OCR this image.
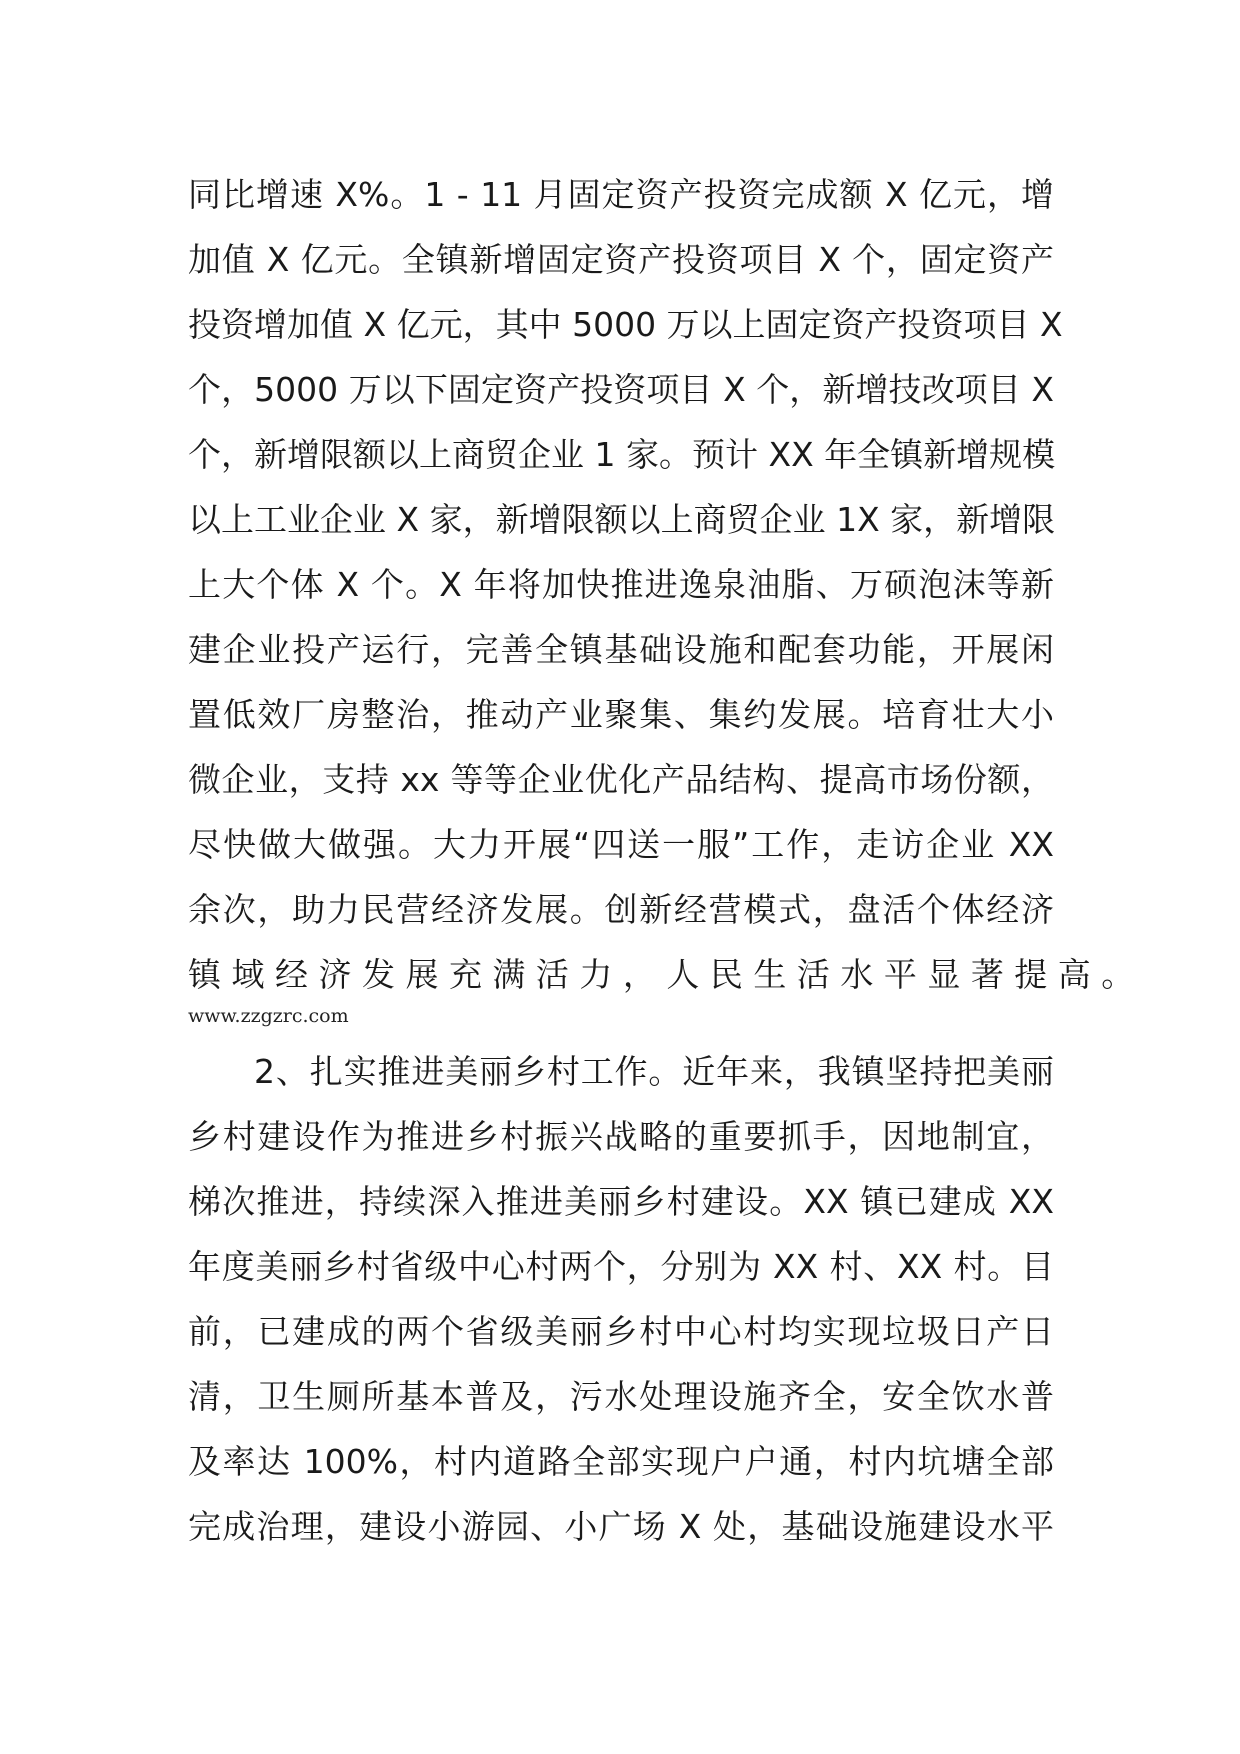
同比增速 X%。1 - 11 月固定资产投资完成额 X 亿元，增
加值 X 亿元。全镇新增固定资产投资项目 X 个，固定资产
投资增加值 X 亿元，其中 5000 万以上固定资产投资项目 X
个，5000 万以下固定资产投资项目 X 个，新增技改项目 X
个，新增限额以上商贸企业 1 家。预计 XX 年全镇新增规模
以上工业企业 X 家，新增限额以上商贸企业 1X 家，新增限
上大个体 X 个。X 年将加快推进逸泉油脂、万硕泡沫等新
建企业投产运行，完善全镇基础设施和配套功能，开展闲
置低效厂房整治，推动产业聚集、集约发展。培育壮大小
微企业，支持 xx 等等企业优化产品结构、提高市场份额，
尽快做大做强。大力开展“四送一服”工作，走访企业 XX
余次，助力民营经济发展。创新经营模式，盘活个体经济
镇 域 经 济 发 展 充 满 活 力 ， 人 民 生 活 水 平 显 著 提 高 。
www.zzgzrc.com
2、扎实推进美丽乡村工作。近年来，我镇坚持把美丽
乡村建设作为推进乡村振兴战略的重要抓手，因地制宜，
梯次推进，持续深入推进美丽乡村建设。XX 镇已建成 XX
年度美丽乡村省级中心村两个，分别为 XX 村、XX 村。目
前，已建成的两个省级美丽乡村中心村均实现垃圾日产日
清，卫生厕所基本普及，污水处理设施齐全，安全饮水普
及率达 100%，村内道路全部实现户户通，村内坑塘全部
完成治理，建设小游园、小广场 X 处，基础设施建设水平
